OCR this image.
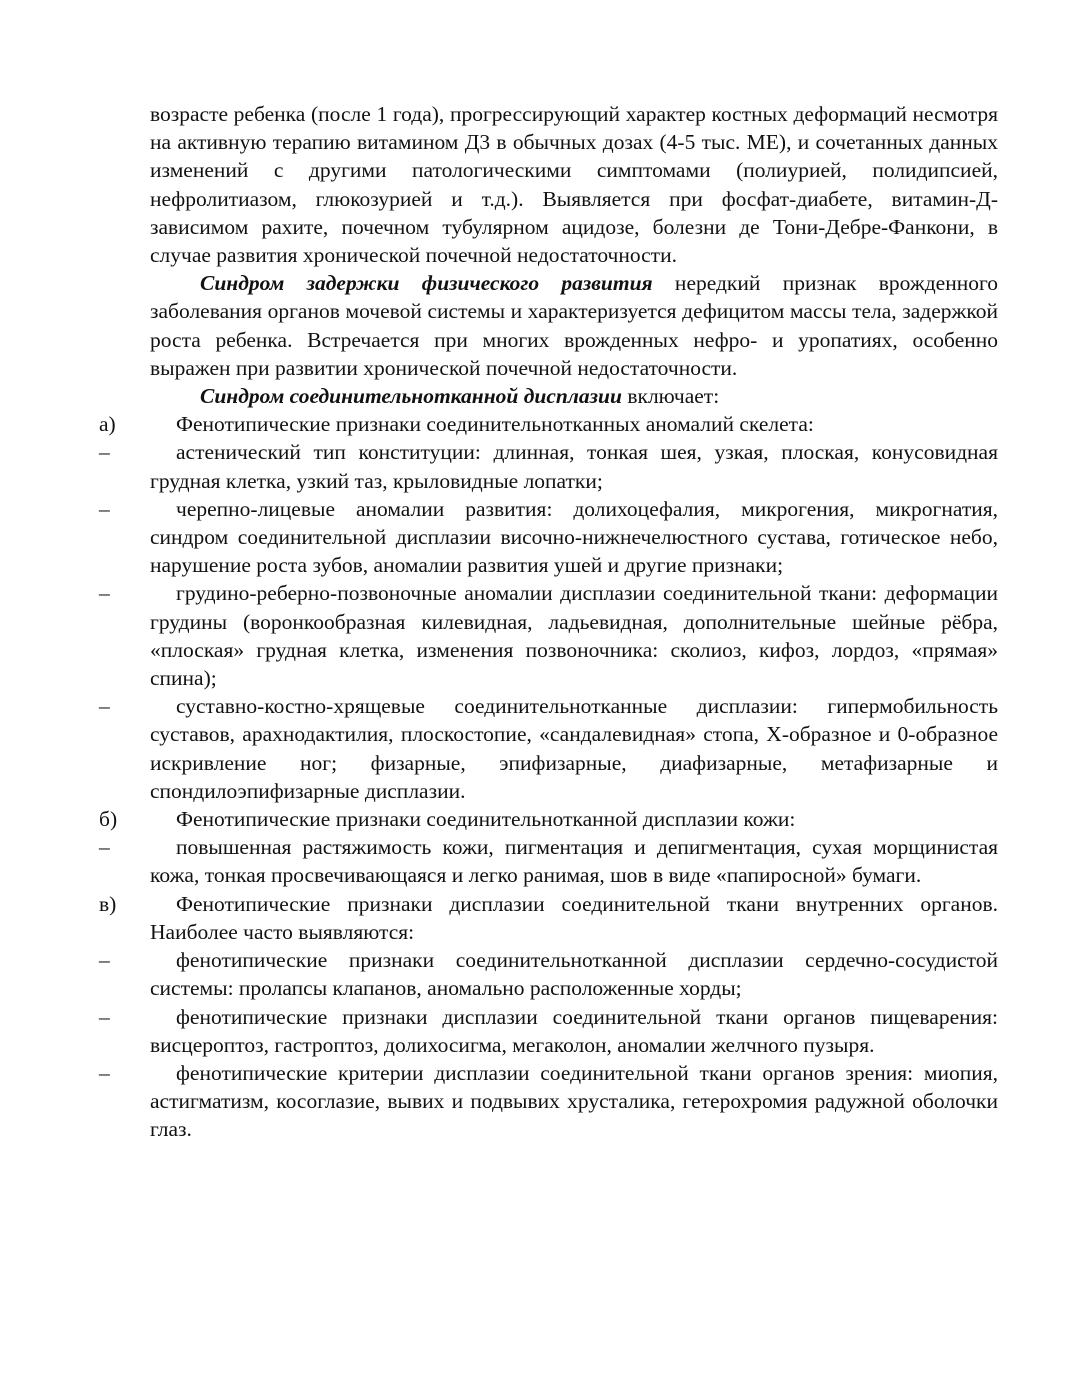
возрасте ребенка (после 1 года), прогрессирующий характер костных деформаций несмотря на активную терапию витамином Д3 в обычных дозах (4-5 тыс. МЕ), и сочетанных данных изменений с другими патологическими симптомами (полиурией, полидипсией, нефролитиазом, глюкозурией и т.д.). Выявляется при фосфат-диабете, витамин-Д-зависимом рахите, почечном тубулярном ацидозе, болезни де Тони-Дебре-Фанкони, в случае развития хронической почечной недостаточности.

Синдром задержки физического развития нередкий признак врожденного заболевания органов мочевой системы и характеризуется дефицитом массы тела, задержкой роста ребенка. Встречается при многих врожденных нефро- и уропатиях, особенно выражен при развитии хронической почечной недостаточности.

Синдром соединительнотканной дисплазии включает:

а)	Фенотипические признаки соединительнотканных аномалий скелета:

–	астенический тип конституции: длинная, тонкая шея, узкая, плоская, конусовидная грудная клетка, узкий таз, крыловидные лопатки;

–	черепно-лицевые аномалии развития: долихоцефалия, микрогения, микрогнатия, синдром соединительной дисплазии височно-нижнечелюстного сустава, готическое небо, нарушение роста зубов, аномалии развития ушей и другие признаки;

–	грудино-реберно-позвоночные аномалии дисплазии соединительной ткани: деформации грудины (воронкообразная килевидная, ладьевидная, дополнительные шейные рёбра, «плоская» грудная клетка, изменения позвоночника: сколиоз, кифоз, лордоз, «прямая» спина);

–	суставно-костно-хрящевые соединительнотканные дисплазии: гипермобильность суставов, арахнодактилия, плоскостопие, «сандалевидная» стопа, Х-образное и 0-образное искривление ног; физарные, эпифизарные, диафизарные, метафизарные и спондилоэпифизарные дисплазии.

б)	Фенотипические признаки соединительнотканной дисплазии кожи:

–	повышенная растяжимость кожи, пигментация и депигментация, сухая морщинистая кожа, тонкая просвечивающаяся и легко ранимая, шов в виде «папиросной» бумаги.

в)	Фенотипические признаки дисплазии соединительной ткани внутренних органов. Наиболее часто выявляются:

–	фенотипические признаки соединительнотканной дисплазии сердечно-сосудистой системы: пролапсы клапанов, аномально расположенные хорды;

–	фенотипические признаки дисплазии соединительной ткани органов пищеварения: висцероптоз, гастроптоз, долихосигма, мегаколон, аномалии желчного пузыря.

–	фенотипические критерии дисплазии соединительной ткани органов зрения: миопия, астигматизм, косоглазие, вывих и подвывих хрусталика, гетерохромия радужной оболочки глаз.
